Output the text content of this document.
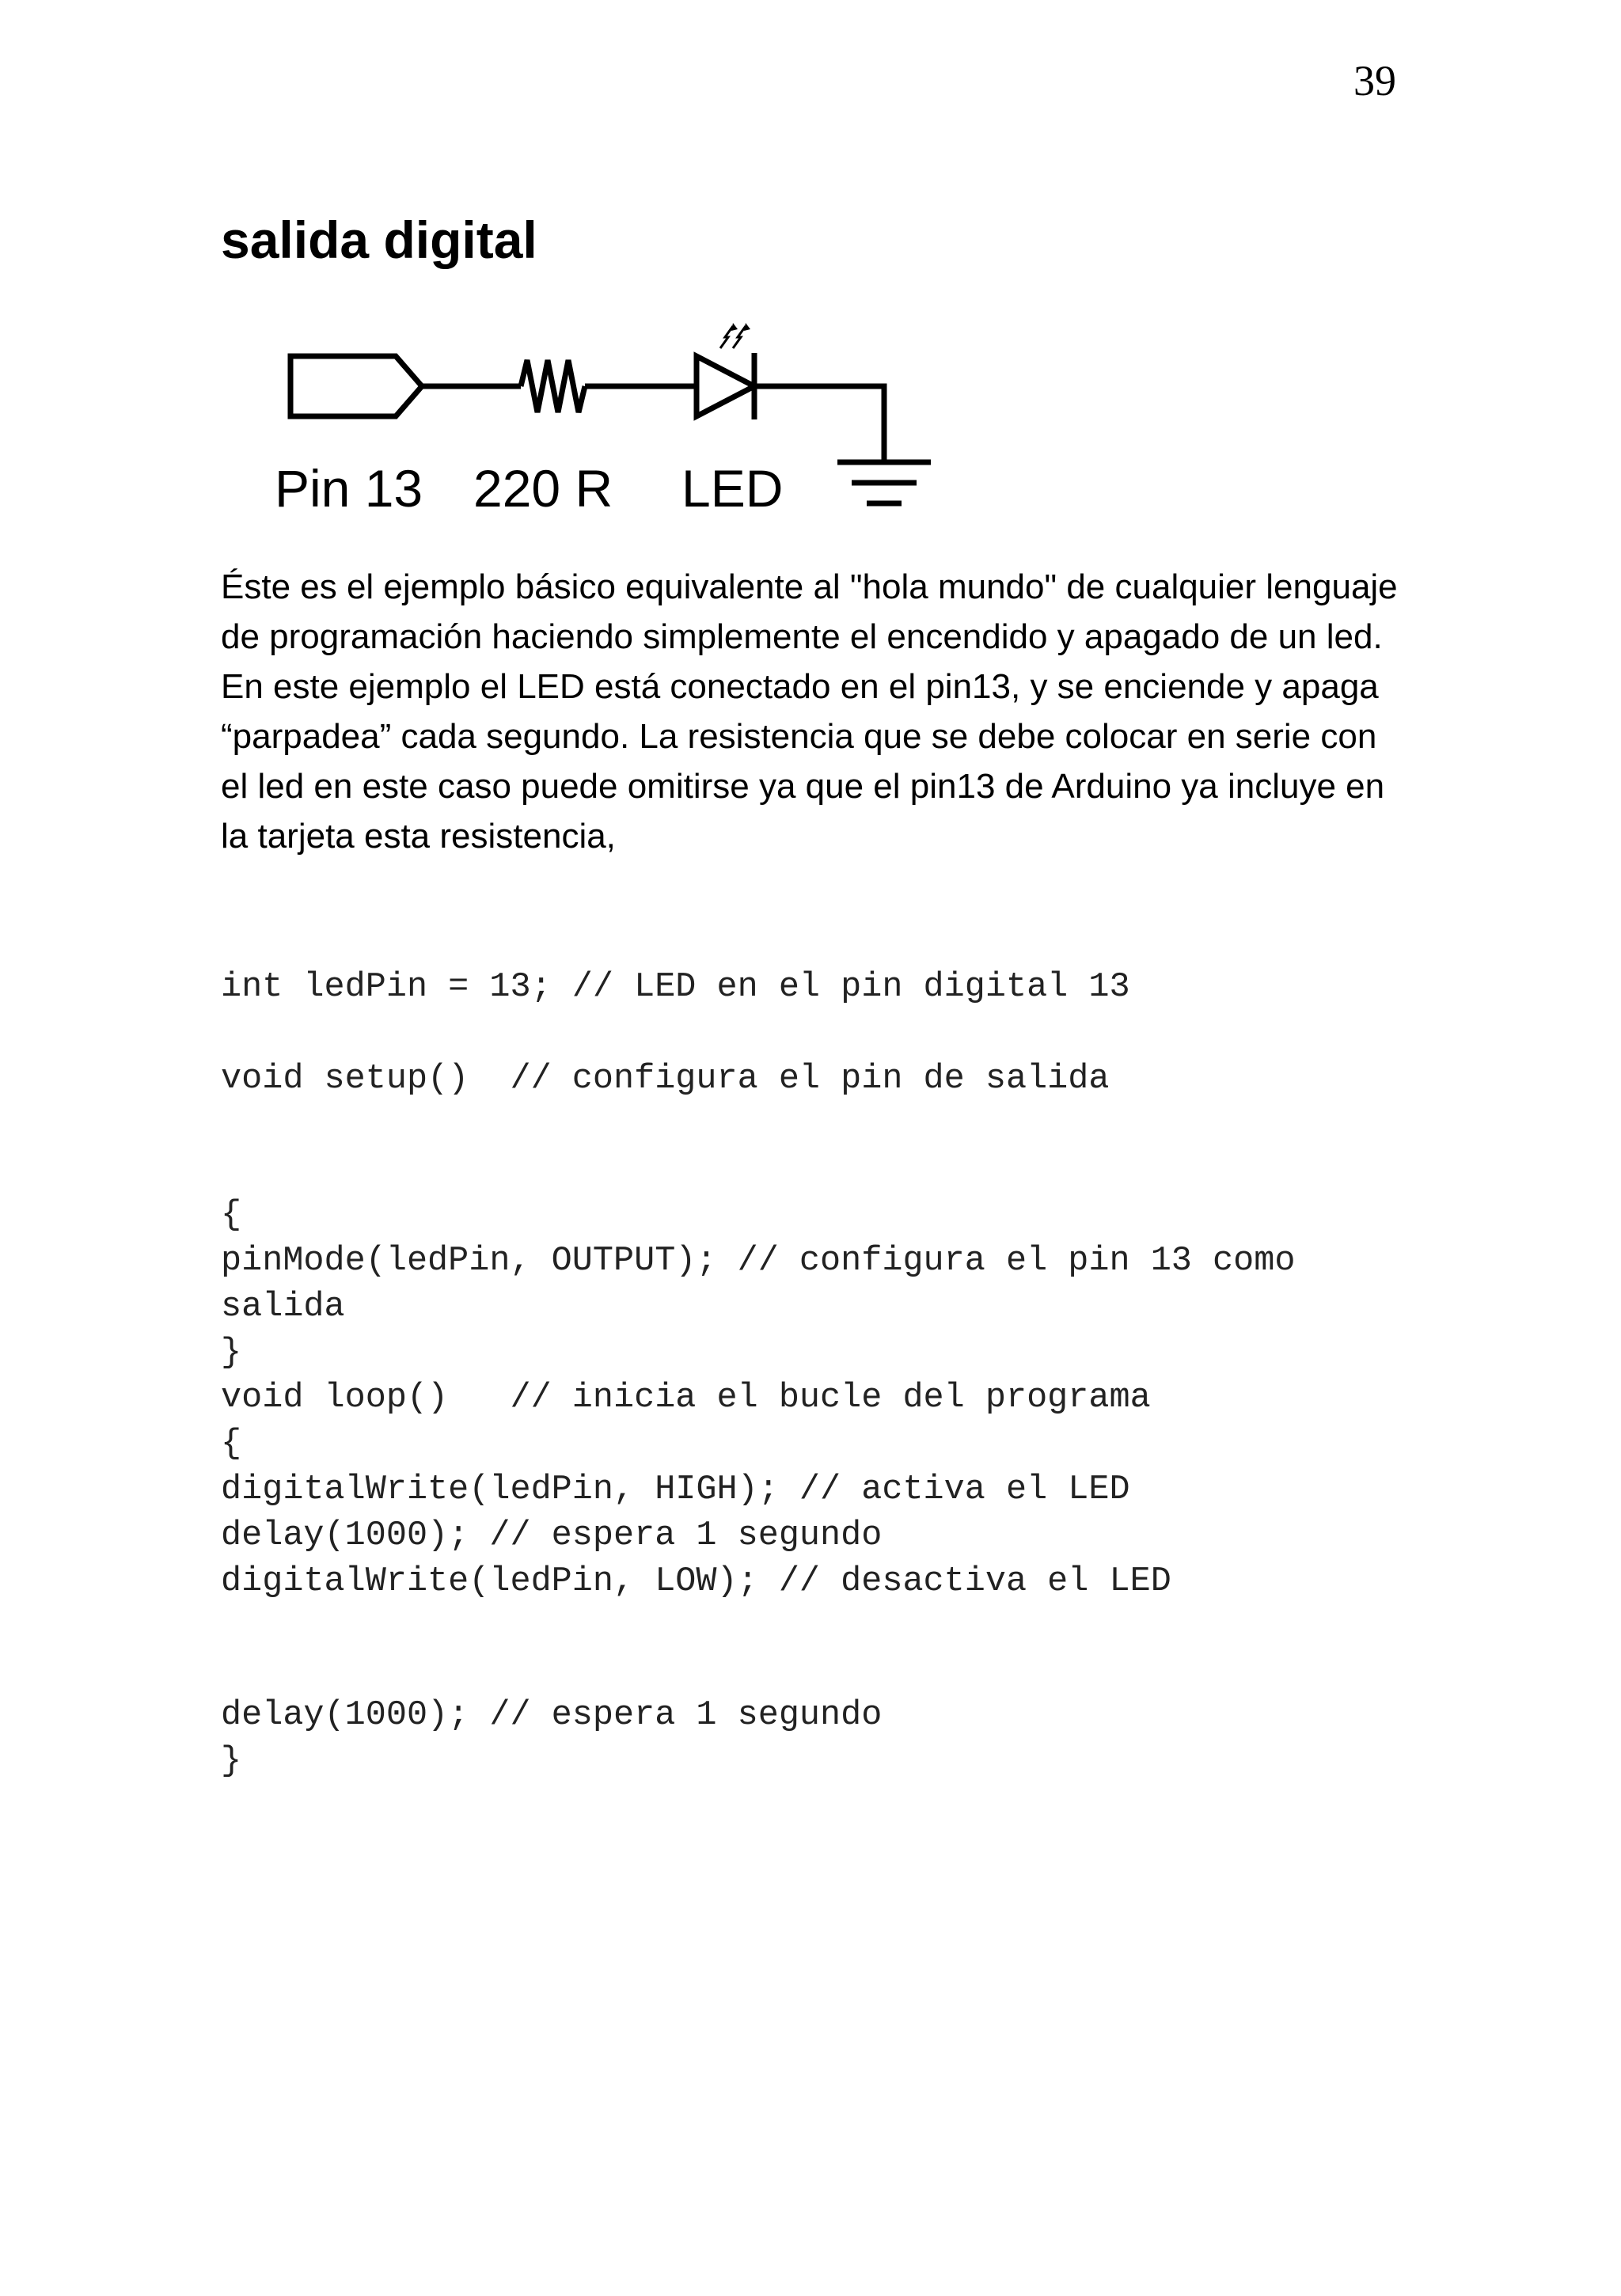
39
salida digital
Pin 13 220 R LED

Éste es el ejemplo básico equivalente al "hola mundo" de cualquier lenguaje de programación haciendo simplemente el encendido y apagado de un led. En este ejemplo el LED está conectado en el pin13, y se enciende y apaga “parpadea” cada segundo. La resistencia que se debe colocar en serie con el led en este caso puede omitirse ya que el pin13 de Arduino ya incluye en la tarjeta esta resistencia,

int ledPin = 13; // LED en el pin digital 13
void setup()  // configura el pin de salida
{
pinMode(ledPin, OUTPUT); // configura el pin 13 como
salida
}
void loop()   // inicia el bucle del programa
{
digitalWrite(ledPin, HIGH); // activa el LED
delay(1000); // espera 1 segundo
digitalWrite(ledPin, LOW); // desactiva el LED
delay(1000); // espera 1 segundo
}
